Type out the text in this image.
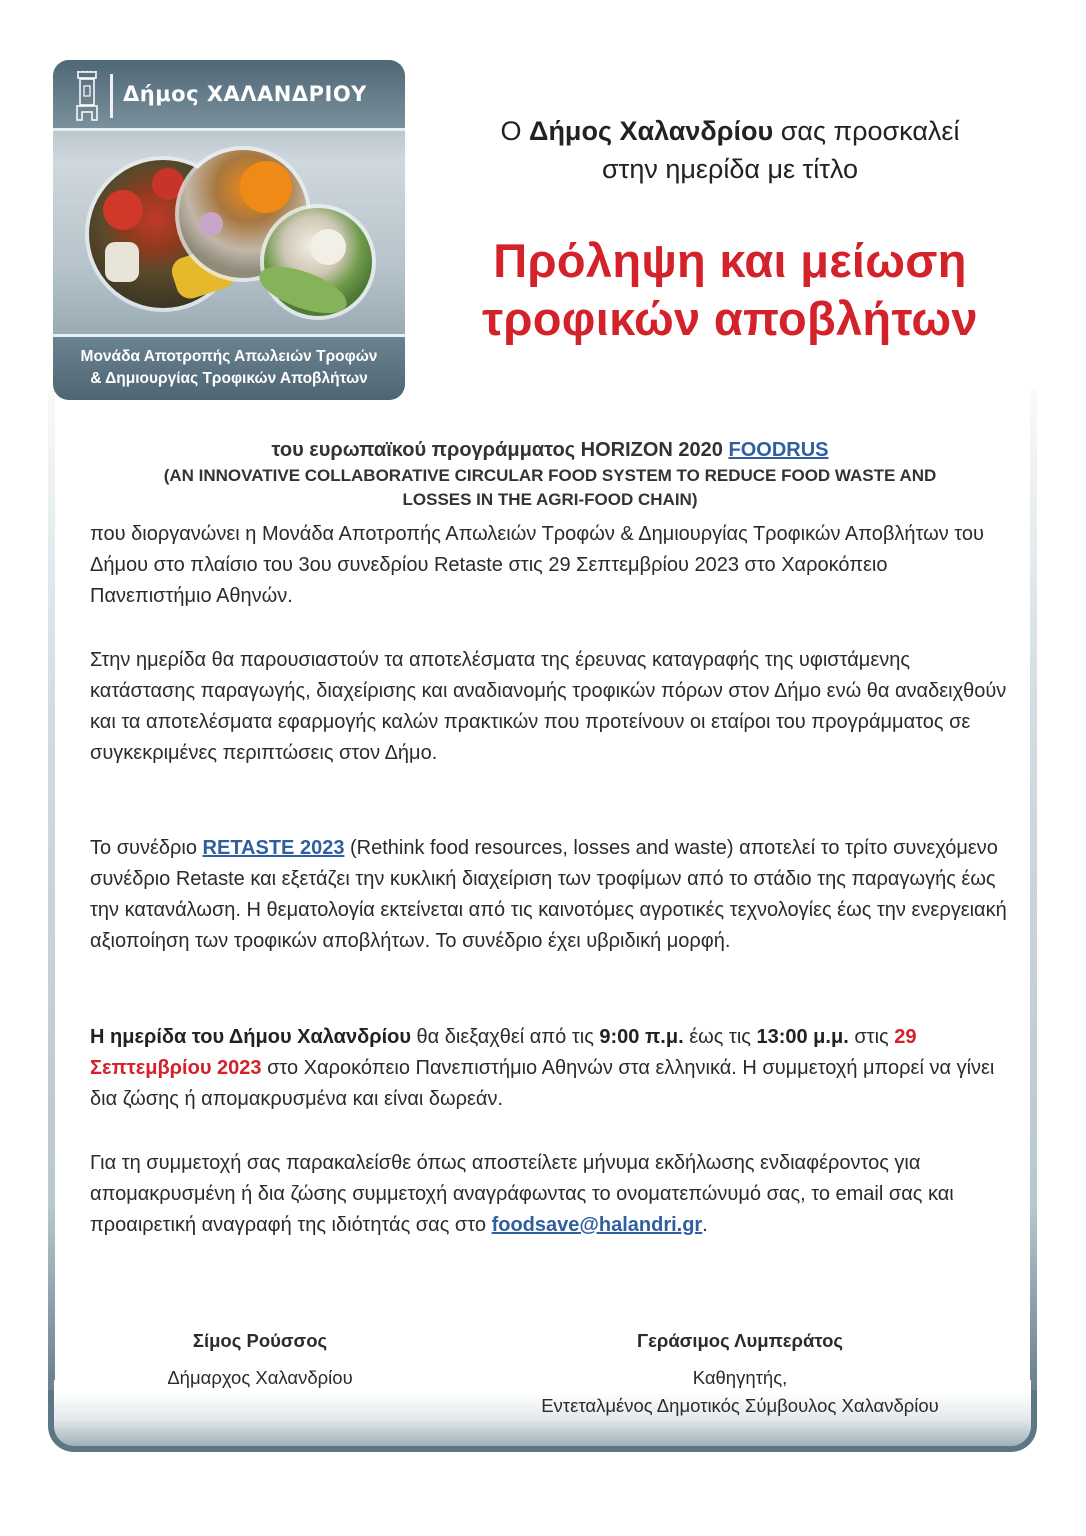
Δήμος ΧΑΛΑΝΔΡΙΟΥ
Μονάδα Αποτροπής Απωλειών Τροφών
& Δημιουργίας Τροφικών Αποβλήτων
Ο Δήμος Χαλανδρίου σας προσκαλεί
στην ημερίδα με τίτλο
Πρόληψη και μείωση
τροφικών αποβλήτων
του ευρωπαϊκού προγράμματος HORIZON 2020 FOODRUS
(AN INNOVATIVE COLLABORATIVE CIRCULAR FOOD SYSTEM TO REDUCE FOOD WASTE AND
LOSSES IN THE AGRI-FOOD CHAIN)
που διοργανώνει η Μονάδα Αποτροπής Απωλειών Τροφών & Δημιουργίας Τροφικών Αποβλήτων του Δήμου στο πλαίσιο του 3ου συνεδρίου Retaste στις 29 Σεπτεμβρίου 2023 στο Χαροκόπειο Πανεπιστήμιο Αθηνών.
Στην ημερίδα θα παρουσιαστούν τα αποτελέσματα της έρευνας καταγραφής της υφιστάμενης κατάστασης παραγωγής, διαχείρισης και αναδιανομής τροφικών πόρων στον Δήμο ενώ θα αναδειχθούν και τα αποτελέσματα εφαρμογής καλών πρακτικών που προτείνουν οι εταίροι του προγράμματος σε συγκεκριμένες περιπτώσεις στον Δήμο.
Το συνέδριο RETASTE 2023 (Rethink food resources, losses and waste) αποτελεί το τρίτο συνεχόμενο συνέδριο Retaste και εξετάζει την κυκλική διαχείριση των τροφίμων από το στάδιο της παραγωγής έως την κατανάλωση. Η θεματολογία εκτείνεται από τις καινοτόμες αγροτικές τεχνολογίες έως την ενεργειακή αξιοποίηση των τροφικών αποβλήτων. Το συνέδριο έχει υβριδική μορφή.
Η ημερίδα του Δήμου Χαλανδρίου θα διεξαχθεί από τις 9:00 π.μ. έως τις 13:00 μ.μ. στις 29 Σεπτεμβρίου 2023 στο Χαροκόπειο Πανεπιστήμιο Αθηνών στα ελληνικά. Η συμμετοχή μπορεί να γίνει δια ζώσης ή απομακρυσμένα και είναι δωρεάν.
Για τη συμμετοχή σας παρακαλείσθε όπως αποστείλετε μήνυμα εκδήλωσης ενδιαφέροντος για απομακρυσμένη ή δια ζώσης συμμετοχή αναγράφωντας το ονοματεπώνυμό σας, το email σας και προαιρετική αναγραφή της ιδιότητάς σας στο foodsave@halandri.gr.
Σίμος Ρούσσος
Δήμαρχος Χαλανδρίου
Γεράσιμος Λυμπεράτος
Καθηγητής,
Εντεταλμένος Δημοτικός Σύμβουλος Χαλανδρίου
